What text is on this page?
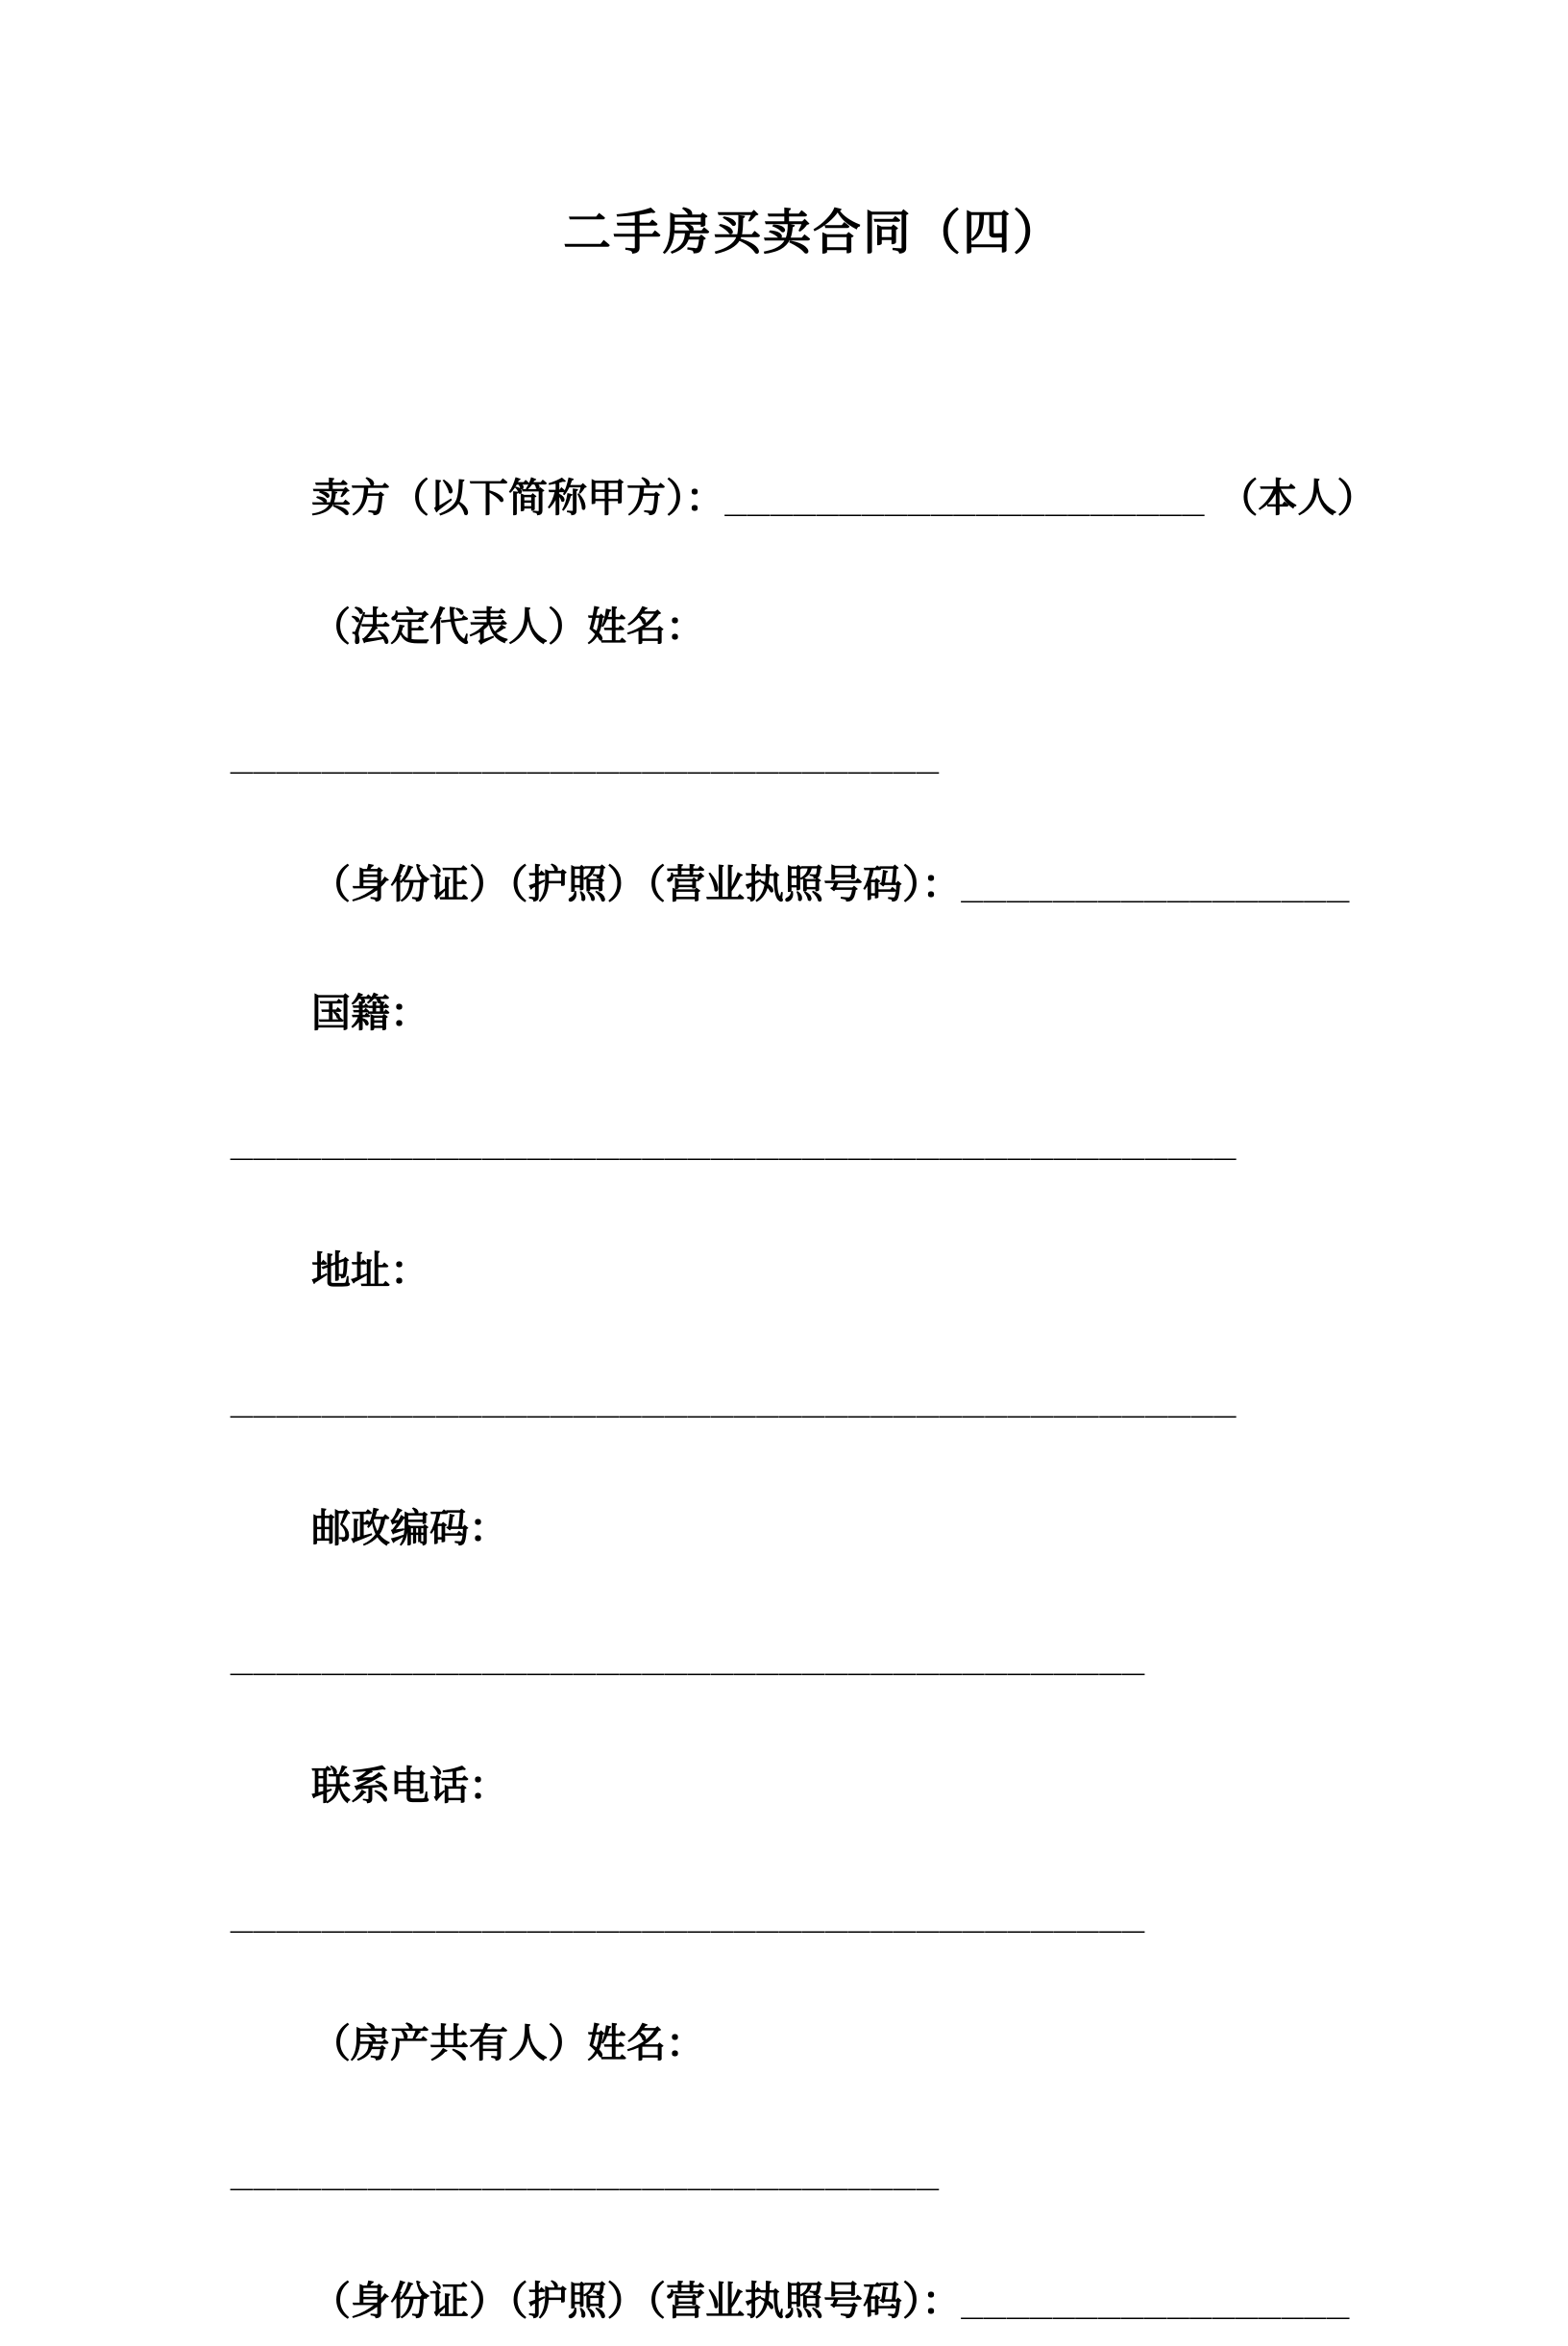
二手房买卖合同（四）

卖方（以下简称甲方）：_____________________ （本人）

（法定代表人）姓名：

_______________________________

（身份证）（护照）（营业执照号码）：_________________

国籍：

____________________________________________

地址：

____________________________________________

邮政编码：

________________________________________

联系电话：

________________________________________

（房产共有人）姓名：

_______________________________

（身份证）（护照）（营业执照号码）：_________________
